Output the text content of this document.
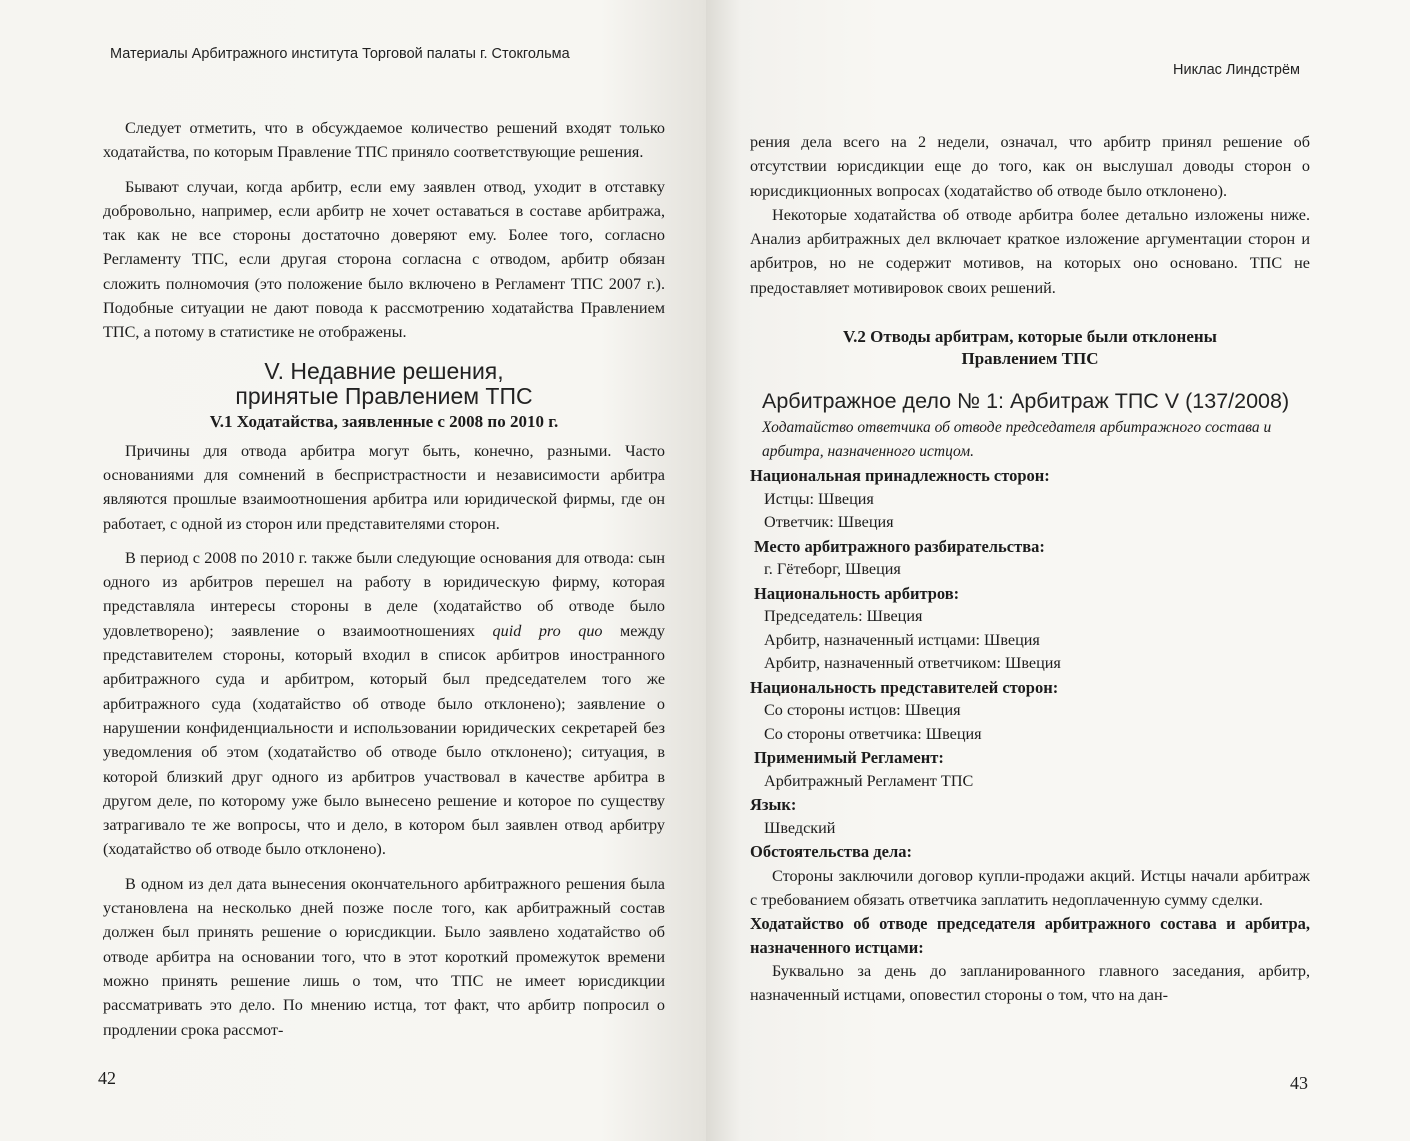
Материалы Арбитражного института Торговой палаты г. Стокгольма

Следует отметить, что в обсуждаемое количество решений входят только ходатайства, по которым Правление ТПС приняло соответствующие решения.

Бывают случаи, когда арбитр, если ему заявлен отвод, уходит в отставку добровольно, например, если арбитр не хочет оставаться в составе арбитража, так как не все стороны достаточно доверяют ему. Более того, согласно Регламенту ТПС, если другая сторона согласна с отводом, арбитр обязан сложить полномочия (это положение было включено в Регламент ТПС 2007 г.). Подобные ситуации не дают повода к рассмотрению ходатайства Правлением ТПС, а потому в статистике не отображены.

V. Недавние решения,
принятые Правлением ТПС
V.1 Ходатайства, заявленные с 2008 по 2010 г.

Причины для отвода арбитра могут быть, конечно, разными. Часто основаниями для сомнений в беспристрастности и независимости арбитра являются прошлые взаимоотношения арбитра или юридической фирмы, где он работает, с одной из сторон или представителями сторон.

В период с 2008 по 2010 г. также были следующие основания для отвода: сын одного из арбитров перешел на работу в юридическую фирму, которая представляла интересы стороны в деле (ходатайство об отводе было удовлетворено); заявление о взаимоотношениях quid pro quo между представителем стороны, который входил в список арбитров иностранного арбитражного суда и арбитром, который был председателем того же арбитражного суда (ходатайство об отводе было отклонено); заявление о нарушении конфиденциальности и использовании юридических секретарей без уведомления об этом (ходатайство об отводе было отклонено); ситуация, в которой близкий друг одного из арбитров участвовал в качестве арбитра в другом деле, по которому уже было вынесено решение и которое по существу затрагивало те же вопросы, что и дело, в котором был заявлен отвод арбитру (ходатайство об отводе было отклонено).

В одном из дел дата вынесения окончательного арбитражного решения была установлена на несколько дней позже после того, как арбитражный состав должен был принять решение о юрисдикции. Было заявлено ходатайство об отводе арбитра на основании того, что в этот короткий промежуток времени можно принять решение лишь о том, что ТПС не имеет юрисдикции рассматривать это дело. По мнению истца, тот факт, что арбитр попросил о продлении срока рассмот-

42
Никлас Линдстрём

рения дела всего на 2 недели, означал, что арбитр принял решение об отсутствии юрисдикции еще до того, как он выслушал доводы сторон о юрисдикционных вопросах (ходатайство об отводе было отклонено).

Некоторые ходатайства об отводе арбитра более детально изложены ниже. Анализ арбитражных дел включает краткое изложение аргументации сторон и арбитров, но не содержит мотивов, на которых оно основано. ТПС не предоставляет мотивировок своих решений.

V.2 Отводы арбитрам, которые были отклонены
Правлением ТПС
Арбитражное дело № 1: Арбитраж ТПС V (137/2008)

Ходатайство ответчика об отводе председателя арбитражного состава и арбитра, назначенного истцом.

Национальная принадлежность сторон:

Истцы: Швеция

Ответчик: Швеция

Место арбитражного разбирательства:

г. Гётеборг, Швеция

Национальность арбитров:

Председатель: Швеция

Арбитр, назначенный истцами: Швеция

Арбитр, назначенный ответчиком: Швеция

Национальность представителей сторон:

Со стороны истцов: Швеция

Со стороны ответчика: Швеция

Применимый Регламент:

Арбитражный Регламент ТПС

Язык:

Шведский

Обстоятельства дела:

Стороны заключили договор купли-продажи акций. Истцы начали арбитраж с требованием обязать ответчика заплатить недоплаченную сумму сделки.

Ходатайство об отводе председателя арбитражного состава и арбитра, назначенного истцами:

Буквально за день до запланированного главного заседания, арбитр, назначенный истцами, оповестил стороны о том, что на дан-

43
